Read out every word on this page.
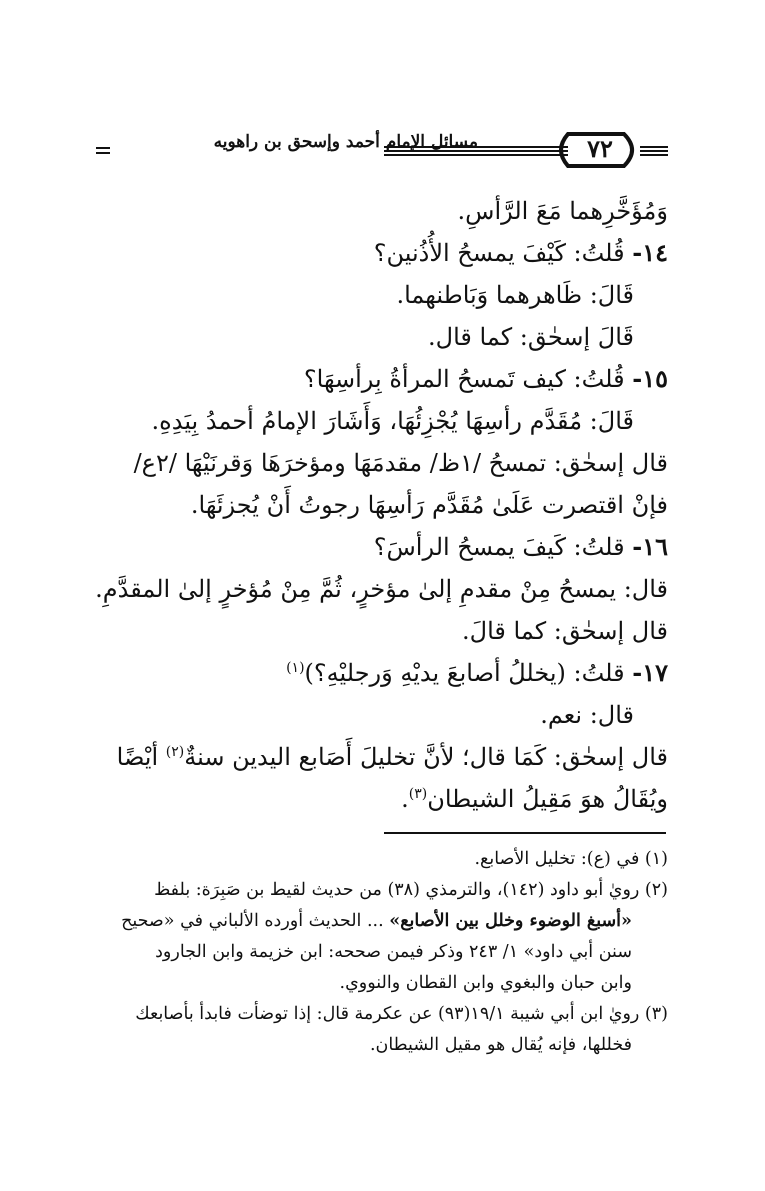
مسائل الإمام أحمد وإسحق بن راهويه	٧٢
وَمُؤَخَّرِهما مَعَ الرَّأسِ.
١٤- قُلتُ: كَيْفَ يمسحُ الأُذُنين؟
قَالَ: ظَاهرهما وَبَاطنهما.
قَالَ إسحٰق: كما قال.
١٥- قُلتُ: كيف تَمسحُ المرأةُ بِرأسِهَا؟
قَالَ: مُقَدَّم رأسِهَا يُجْزِئُهَا، وَأَشَارَ الإمامُ أحمدُ بِيَدِهِ.
قال إسحٰق: تمسحُ /١ظ/ مقدمَهَا ومؤخرَهَا وَقرنَيْهَا /٢ع/
فإنْ اقتصرت عَلَىٰ مُقَدَّم رَأسِهَا رجوتُ أَنْ يُجزئَهَا.
١٦- قلتُ: كَيفَ يمسحُ الرأسَ؟
قال: يمسحُ مِنْ مقدمِ إلىٰ مؤخرٍ، ثُمَّ مِنْ مُؤخرٍ إلىٰ المقدَّمِ.
قال إسحٰق: كما قالَ.
١٧- قلتُ: (يخللُ أصابعَ يديْهِ وَرجليْهِ؟)$^{(١)}$
قال: نعم.
قال إسحٰق: كَمَا قال؛ لأنَّ تخليلَ أَصَابع اليدين سنةٌ$^{(٢)}$ أيْضًا
ويُقَالُ هوَ مَقِيلُ الشيطان$^{(٣)}$.
(١) في (ع): تخليل الأصابع.
(٢) رويٰ أبو داود (١٤٢)، والترمذي (٣٨) من حديث لقيط بن صَبِرَة: بلفظ
«أسبغ الوضوء وخلل بين الأصابع» ... الحديث أورده الألباني في «صحيح
سنن أبي داود» ١/ ٢٤٣ وذكر فيمن صححه: ابن خزيمة وابن الجارود
وابن حبان والبغوي وابن القطان والنووي.
(٣) رويٰ ابن أبي شيبة ١٩/١(٩٣) عن عكرمة قال: إذا توضأت فابدأ بأصابعك
فخللها، فإنه يُقال هو مقيل الشيطان.
